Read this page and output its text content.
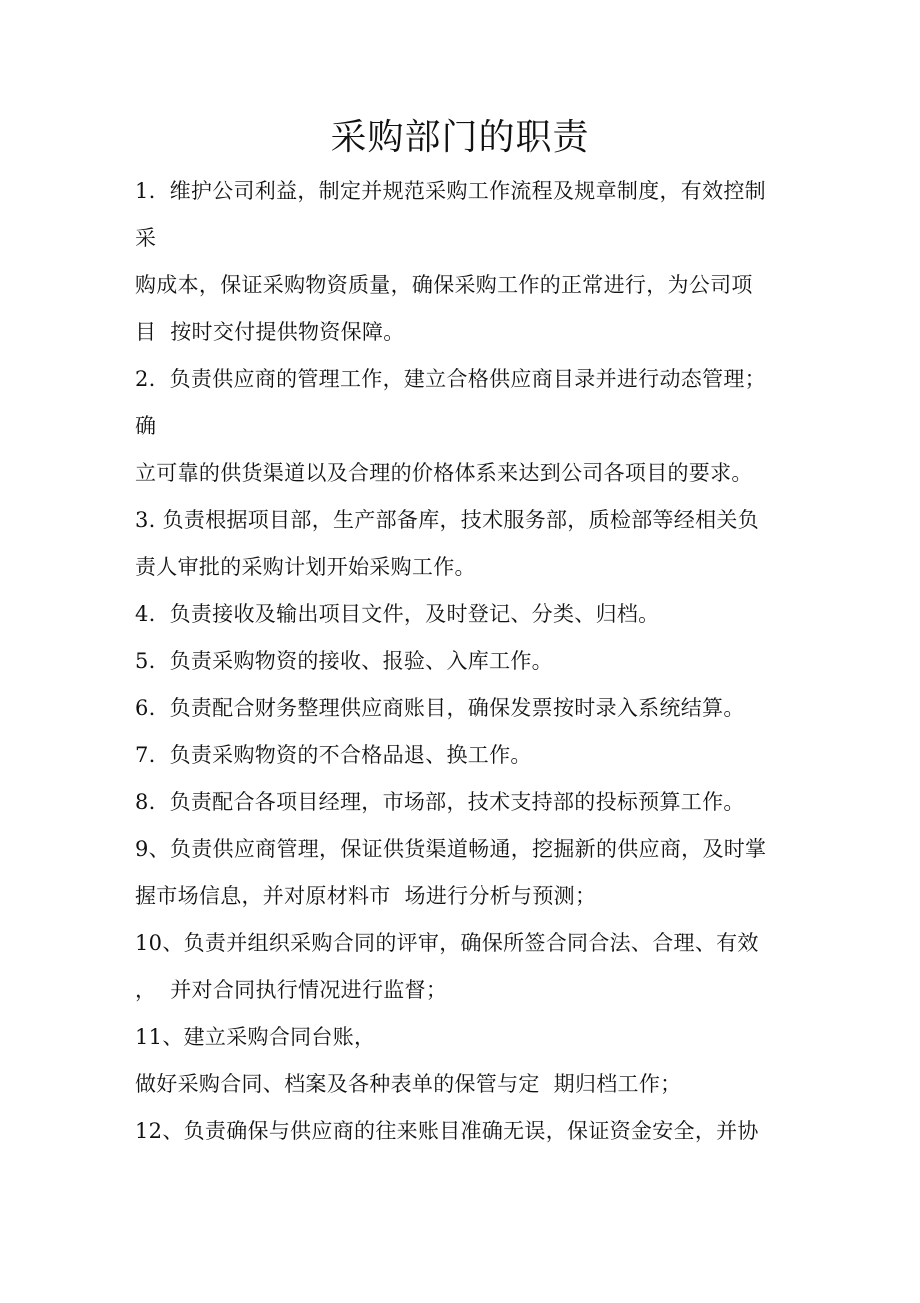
采购部门的职责
1.  维护公司利益，制定并规范采购工作流程及规章制度，有效控制
采
购成本，保证采购物资质量，确保采购工作的正常进行，为公司项
目  按时交付提供物资保障。
2.  负责供应商的管理工作，建立合格供应商目录并进行动态管理；
确
立可靠的供货渠道以及合理的价格体系来达到公司各项目的要求。
3. 负责根据项目部，生产部备库，技术服务部，质检部等经相关负
责人审批的采购计划开始采购工作。
4.  负责接收及输出项目文件，及时登记、分类、归档。
5.  负责采购物资的接收、报验、入库工作。
6.  负责配合财务整理供应商账目，确保发票按时录入系统结算。
7.  负责采购物资的不合格品退、换工作。
8.  负责配合各项目经理，市场部，技术支持部的投标预算工作。
9、负责供应商管理，保证供货渠道畅通，挖掘新的供应商，及时掌
握市场信息，并对原材料市  场进行分析与预测；
10、负责并组织采购合同的评审，确保所签合同合法、合理、有效
，  并对合同执行情况进行监督；
11、建立采购合同台账，
做好采购合同、档案及各种表单的保管与定  期归档工作；
12、负责确保与供应商的往来账目准确无误，保证资金安全，并协
